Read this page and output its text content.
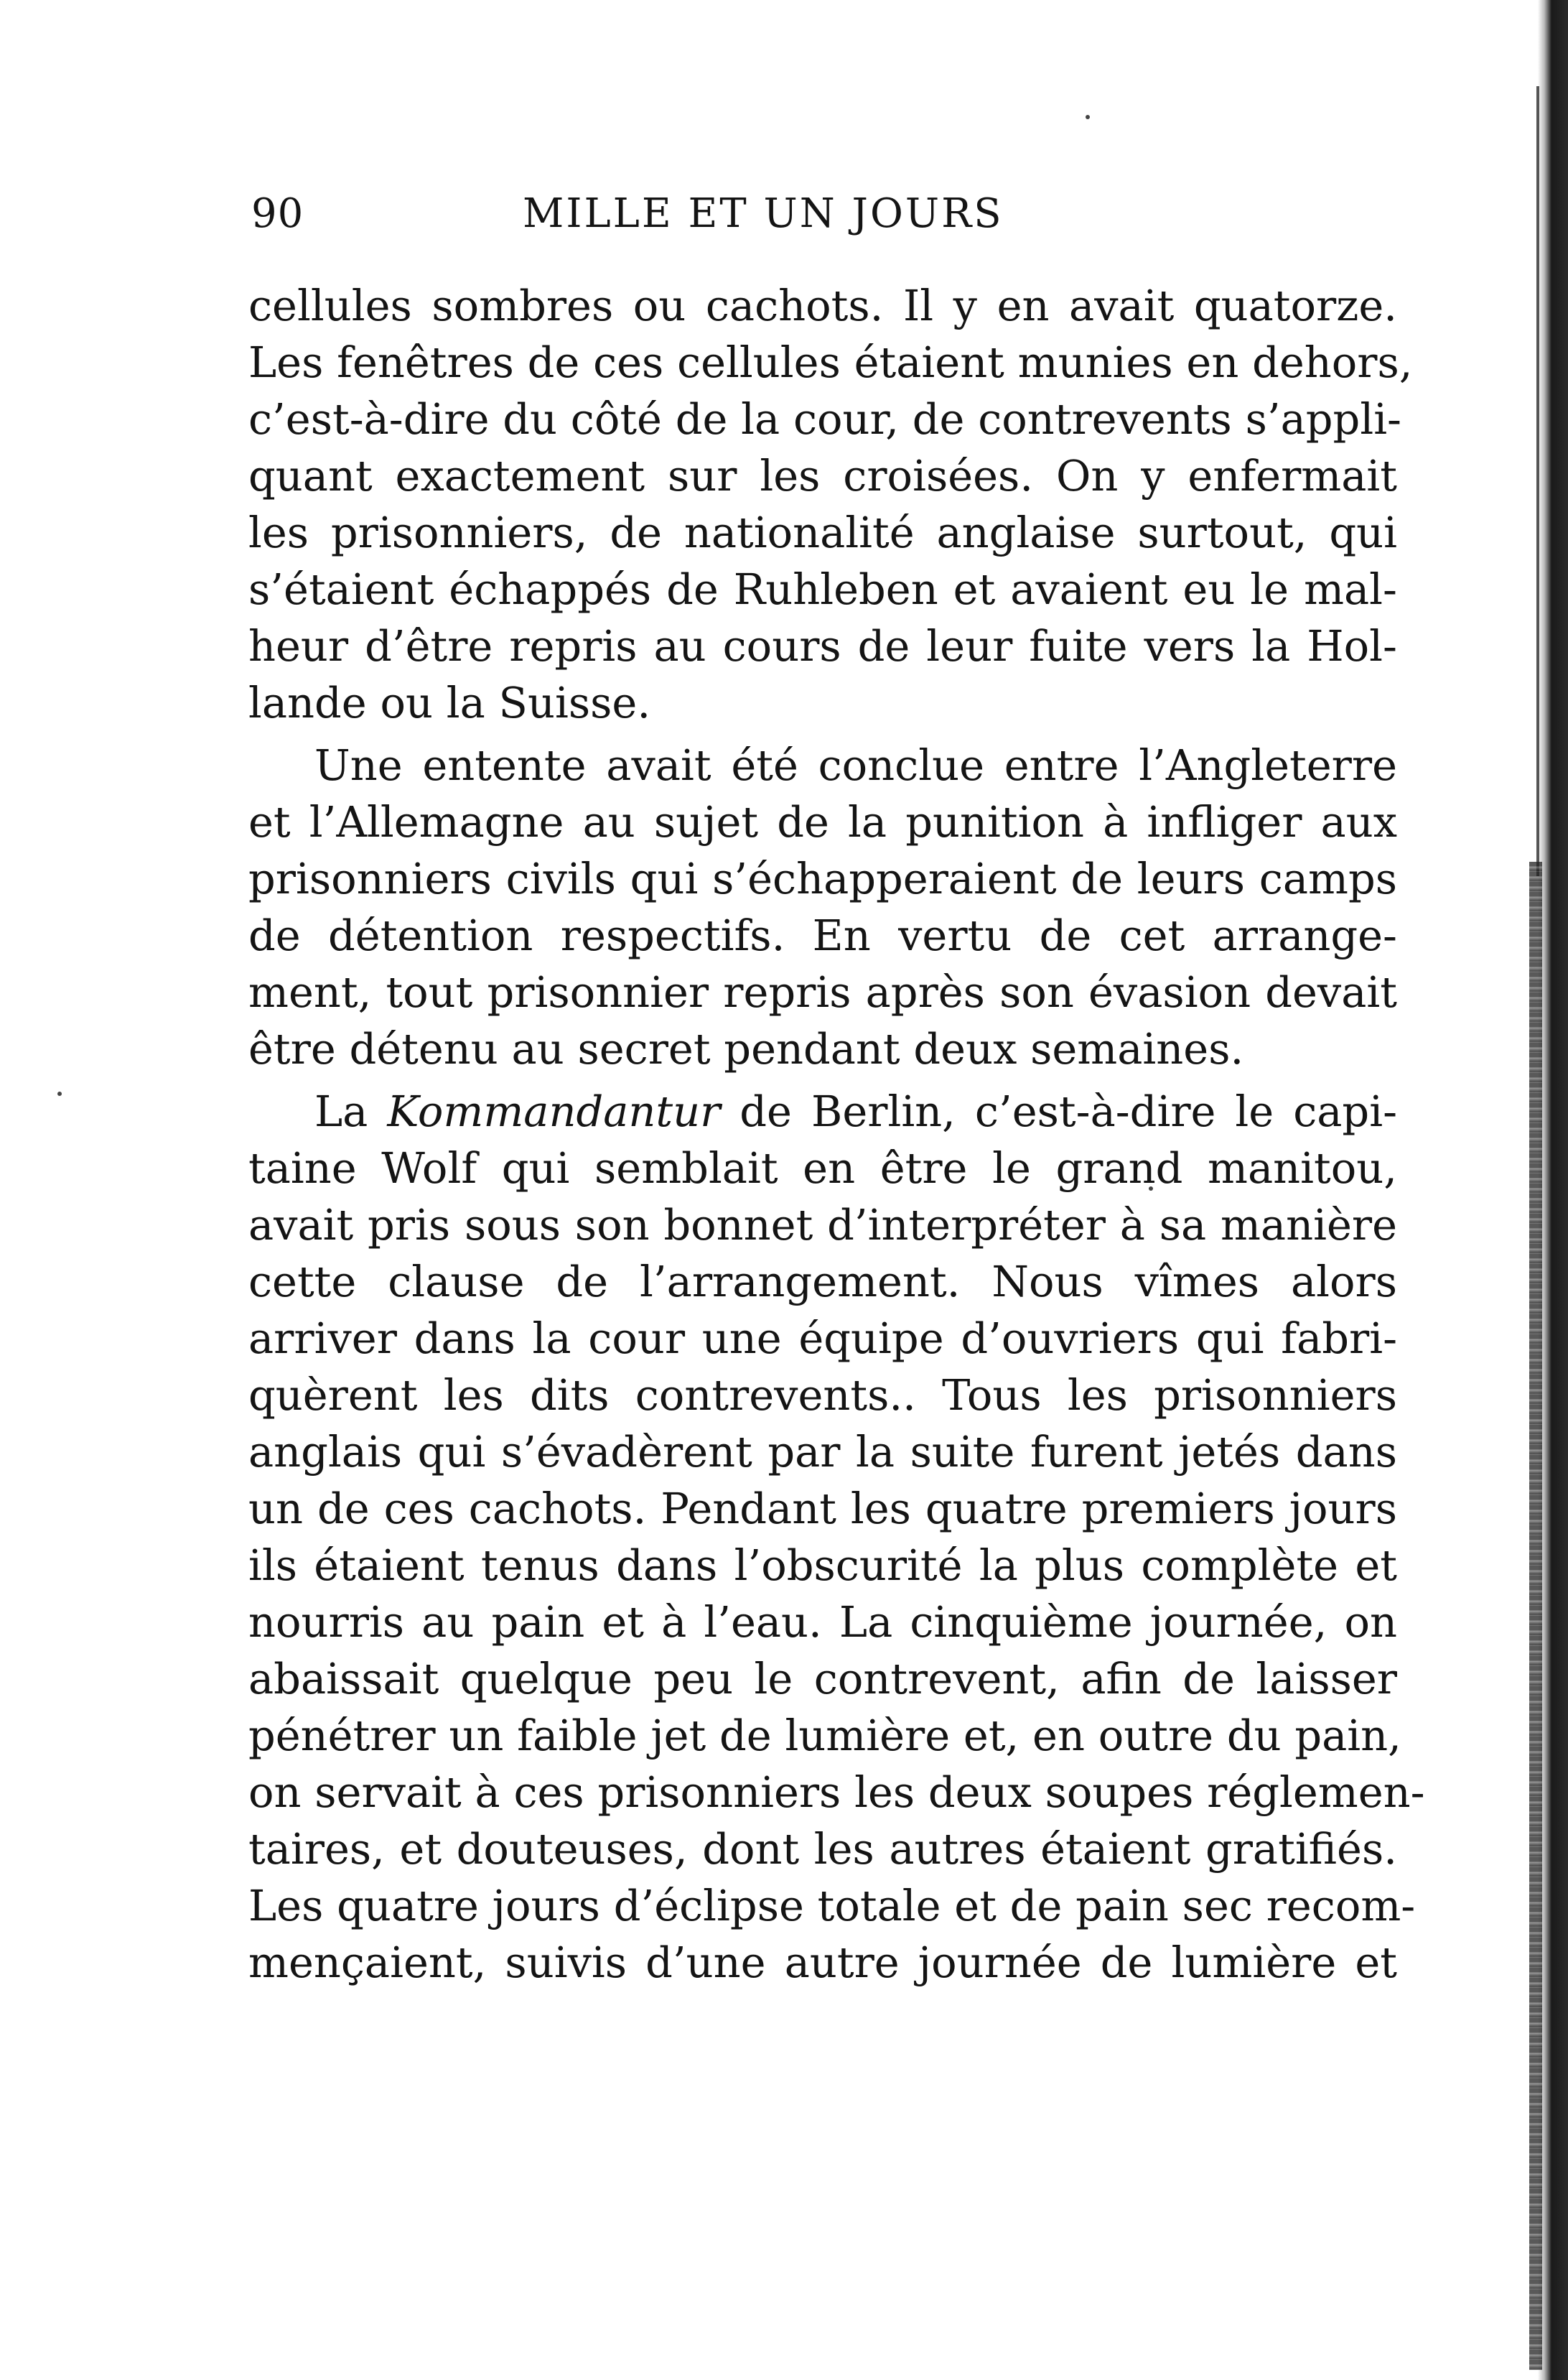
90	MILLE ET UN JOURS
cellules sombres ou cachots. Il y en avait quatorze.
Les fenêtres de ces cellules étaient munies en dehors,
c’est-à-dire du côté de la cour, de contrevents s’appli-
quant exactement sur les croisées. On y enfermait
les prisonniers, de nationalité anglaise surtout, qui
s’étaient échappés de Ruhleben et avaient eu le mal-
heur d’être repris au cours de leur fuite vers la Hol-
lande ou la Suisse.
Une entente avait été conclue entre l’Angleterre
et l’Allemagne au sujet de la punition à infliger aux
prisonniers civils qui s’échapperaient de leurs camps
de détention respectifs. En vertu de cet arrange-
ment, tout prisonnier repris après son évasion devait
être détenu au secret pendant deux semaines.
La Kommandantur de Berlin, c’est-à-dire le capi-
taine Wolf qui semblait en être le grand manitou,
avait pris sous son bonnet d’interpréter à sa manière
cette clause de l’arrangement. Nous vîmes alors
arriver dans la cour une équipe d’ouvriers qui fabri-
quèrent les dits contrevents.. Tous les prisonniers
anglais qui s’évadèrent par la suite furent jetés dans
un de ces cachots. Pendant les quatre premiers jours
ils étaient tenus dans l’obscurité la plus complète et
nourris au pain et à l’eau. La cinquième journée, on
abaissait quelque peu le contrevent, afin de laisser
pénétrer un faible jet de lumière et, en outre du pain,
on servait à ces prisonniers les deux soupes réglemen-
taires, et douteuses, dont les autres étaient gratifiés.
Les quatre jours d’éclipse totale et de pain sec recom-
mençaient, suivis d’une autre journée de lumière et
